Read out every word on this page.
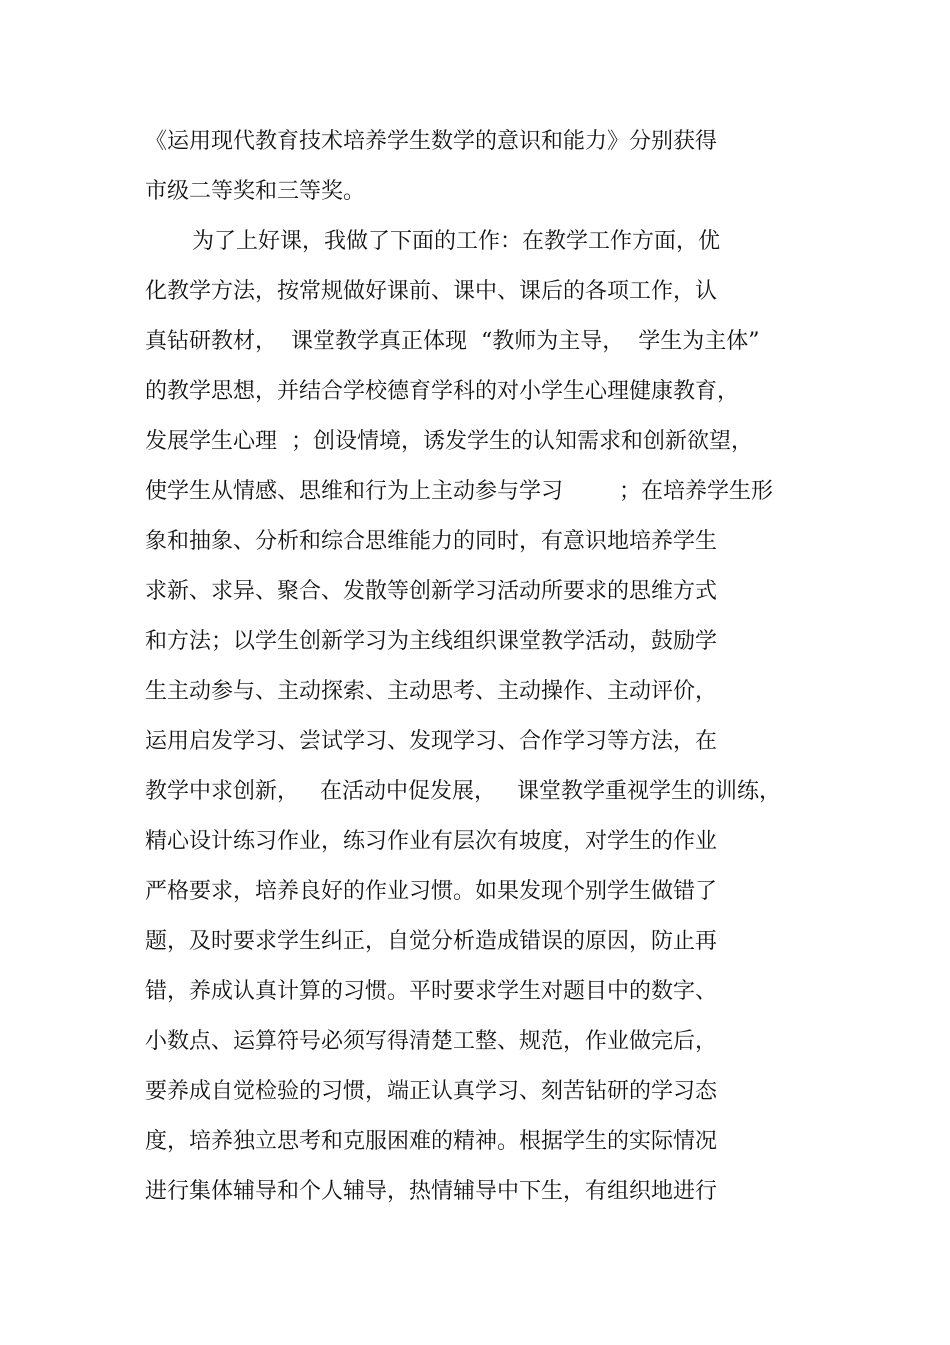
《运用现代教育技术培养学生数学的意识和能力》分别获得
市级二等奖和三等奖。
为了上好课，我做了下面的工作：在教学工作方面，优
化教学方法，按常规做好课前、课中、课后的各项工作，认
真钻研教材，  课堂教学真正体现  “教师为主导，  学生为主体”
的教学思想，并结合学校德育学科的对小学生心理健康教育，
发展学生心理  ；创设情境，诱发学生的认知需求和创新欲望，
使学生从情感、思维和行为上主动参与学习        ；在培养学生形
象和抽象、分析和综合思维能力的同时，有意识地培养学生
求新、求异、聚合、发散等创新学习活动所要求的思维方式
和方法；以学生创新学习为主线组织课堂教学活动，鼓励学
生主动参与、主动探索、主动思考、主动操作、主动评价，
运用启发学习、尝试学习、发现学习、合作学习等方法，在
教学中求创新，   在活动中促发展，   课堂教学重视学生的训练，
精心设计练习作业，练习作业有层次有坡度，对学生的作业
严格要求，培养良好的作业习惯。如果发现个别学生做错了
题，及时要求学生纠正，自觉分析造成错误的原因，防止再
错，养成认真计算的习惯。平时要求学生对题目中的数字、
小数点、运算符号必须写得清楚工整、规范，作业做完后，
要养成自觉检验的习惯，端正认真学习、刻苦钻研的学习态
度，培养独立思考和克服困难的精神。根据学生的实际情况
进行集体辅导和个人辅导，热情辅导中下生，有组织地进行
